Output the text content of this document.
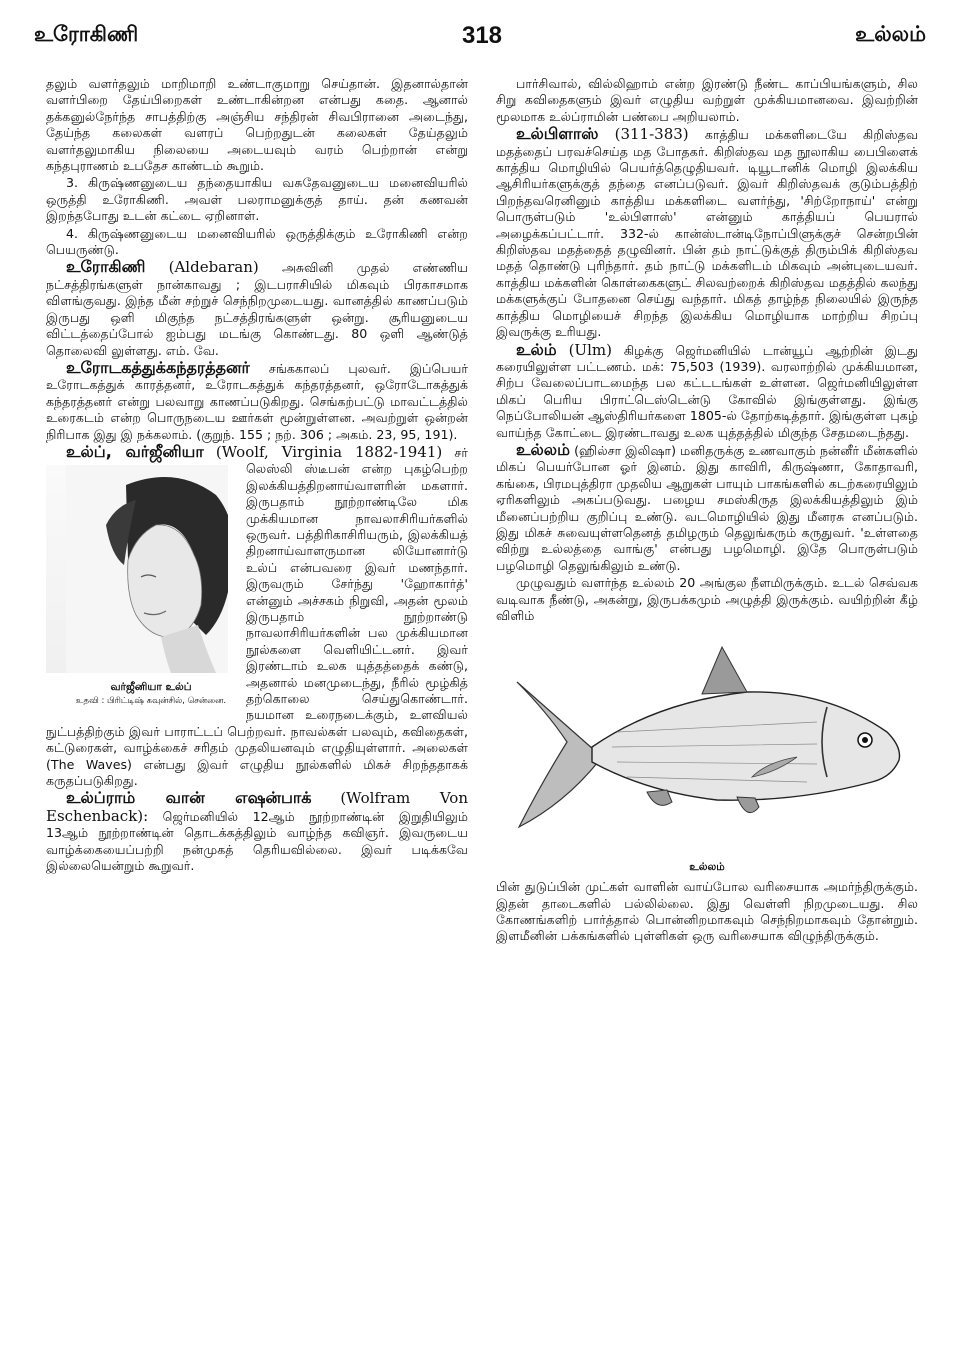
உரோகிணி	318	உல்லம்

தலும் வளர்தலும் மாறிமாறி உண்டாகுமாறு செய்தான். இதனால்தான் வளர்பிறை தேய்பிறைகள் உண்டாகின்றன என்பது கதை. ஆனால் தக்கனுல்நேர்ந்த சாபத்திற்கு அஞ்சிய சந்திரன் சிவபிரானை அடைந்து, தேய்ந்த கலைகள் வளரப் பெற்றதுடன் கலைகள் தேய்தலும் வளர்தலுமாகிய நிலையை அடையவும் வரம் பெற்றான் என்று கந்தபுராணம் உபதேச காண்டம் கூறும்.

3. கிருஷ்ணனுடைய தந்தையாகிய வசுதேவனுடைய மனைவியரில் ஒருத்தி உரோகிணி. அவள் பலராமனுக்குத் தாய். தன் கணவன் இறந்தபோது உடன் கட்டை ஏறினாள்.

4. கிருஷ்ணனுடைய மனைவியரில் ஒருத்திக்கும் உரோகிணி என்ற பெயருண்டு.

உரோகிணி (Aldebaran) அசுவினி முதல் எண்ணிய நட்சத்திரங்களுள் நான்காவது ; இடபராசியில் மிகவும் பிரகாசமாக விளங்குவது. இந்த மீன் சற்றுச் செந்நிறமுடையது. வானத்தில் காணப்படும் இருபது ஒளி மிகுந்த நட்சத்திரங்களுள் ஒன்று. சூரியனுடைய விட்டத்தைப்போல் ஐம்பது மடங்கு கொண்டது. 80 ஒளி ஆண்டுத் தொலைவி லுள்ளது. எம். வே.

உரோடகத்துக்கந்தரத்தனர் சங்ககாலப் புலவர். இப்பெயர் உரோடகத்துக் காரத்தனர், உரோடகத்துக் கந்தரத்தனர், ஒரோடோகத்துக் கந்தரத்தனர் என்று பலவாறு காணப்படுகிறது. செங்கற்பட்டு மாவட்டத்தில் உரைகடம் என்ற பொருநடைய ஊர்கள் மூன்றுள்ளன. அவற்றுள் ஒன்றன் நிரிபாக இது இ நக்கலாம். (குறுந். 155 ; நற். 306 ; அகம். 23, 95, 191).

உல்ப், வர்ஜீனியா (Woolf, Virginia 1882-1941)
வர்ஜீனியா உல்ப்
உதவி : பிரிட்டிஷ் கவுன்சில், சென்னை.
சர் லெஸ்லி ஸ்டீபன் என்ற புகழ்பெற்ற இலக்கியத்திறனாய்வாளரின் மகளார். இருபதாம் நூற்றாண்டிலே மிக முக்கியமான நாவலாசிரியர்களில் ஒருவர். பத்திரிகாசிரியரும், இலக்கியத் திறனாய்வாளருமான லியோனார்டு உல்ப் என்பவரை இவர் மணந்தார். இருவரும் சேர்ந்து 'ஹோகார்த்' என்னும் அச்சகம் நிறுவி, அதன் மூலம் இருபதாம் நூற்றாண்டு நாவலாசிரியர்களின் பல முக்கியமான நூல்களை வெளியிட்டனர். இவர் இரண்டாம் உலக யுத்தத்தைக் கண்டு, அதனால் மனமுடைந்து, நீரில் மூழ்கித் தற்கொலை செய்துகொண்டார். நயமான உரைநடைக்கும், உளவியல் நுட்பத்திற்கும் இவர் பாராட்டப் பெற்றவர். நாவல்கள் பலவும், கவிதைகள், கட்டுரைகள், வாழ்க்கைச் சரிதம் முதலியனவும் எழுதியுள்ளார். அலைகள் (The Waves) என்பது இவர் எழுதிய நூல்களில் மிகச் சிறந்ததாகக் கருதப்படுகிறது.

உல்ப்ராம் வான் எஷன்பாக் (Wolfram Von Eschenback): ஜெர்மனியில் 12ஆம் நூற்றாண்டின் இறுதியிலும் 13ஆம் நூற்றாண்டின் தொடக்கத்திலும் வாழ்ந்த கவிஞர். இவருடைய வாழ்க்கையைப்பற்றி நன்முகத் தெரியவில்லை. இவர் படிக்கவே இல்லையென்றும் கூறுவர்.

பார்சிவால், வில்லிஹாம் என்ற இரண்டு நீண்ட காப்பியங்களும், சில சிறு கவிதைகளும் இவர் எழுதிய வற்றுள் முக்கியமானவை. இவற்றின் மூலமாக உல்ப்ராமின் பண்பை அறியலாம்.

உல்பிளாஸ் (311-383) காத்திய மக்களிடையே கிறிஸ்தவ மதத்தைப் பரவச்செய்த மத போதகர். கிறிஸ்தவ மத நூலாகிய பைபிளைக் காத்திய மொழியில் பெயர்த்தெழுதியவர். டியூடானிக் மொழி இலக்கிய ஆசிரியர்களுக்குத் தந்தை எனப்படுவர். இவர் கிறிஸ்தவக் குடும்பத்திற் பிறந்தவரெனினும் காத்திய மக்களிடை வளர்ந்து, 'சிற்றோநாய்' என்று பொருள்படும் 'உல்பிளாஸ்' என்னும் காத்தியப் பெயரால் அழைக்கப்பட்டார். 332-ல் கான்ஸ்டான்டிநோப்பிளுக்குச் சென்றபின் கிறிஸ்தவ மதத்தைத் தழுவினர். பின் தம் நாட்டுக்குத் திரும்பிக் கிறிஸ்தவ மதத் தொண்டு புரிந்தார். தம் நாட்டு மக்களிடம் மிகவும் அன்புடையவர். காத்திய மக்களின் கொள்கைகளுட் சிலவற்றைக் கிறிஸ்தவ மதத்தில் கலந்து மக்களுக்குப் போதனை செய்து வந்தார். மிகத் தாழ்ந்த நிலையில் இருந்த காத்திய மொழியைச் சிறந்த இலக்கிய மொழியாக மாற்றிய சிறப்பு இவருக்கு உரியது.

உல்ம் (Ulm) கிழக்கு ஜெர்மனியில் டான்யூப் ஆற்றின் இடது கரையிலுள்ள பட்டணம். மக்: 75,503 (1939). வரலாற்றில் முக்கியமான, சிற்ப வேலைப்பாடமைந்த பல கட்டடங்கள் உள்ளன. ஜெர்மனியிலுள்ள மிகப் பெரிய பிராட்டெஸ்டென்டு கோவில் இங்குள்ளது. இங்கு நெப்போலியன் ஆஸ்திரியர்களை 1805-ல் தோற்கடித்தார். இங்குள்ள புகழ் வாய்ந்த கோட்டை இரண்டாவது உலக யுத்தத்தில் மிகுந்த சேதமடைந்தது.

உல்லம் (ஹில்சா இலிஷா) மனிதருக்கு உணவாகும் நன்னீர் மீன்களில் மிகப் பெயர்போன ஓர் இனம். இது காவிரி, கிருஷ்ணா, கோதாவரி, கங்கை, பிரமபுத்திரா முதலிய ஆறுகள் பாயும் பாகங்களில் கடற்கரையிலும் ஏரிகளிலும் அகப்படுவது. பழைய சமஸ்கிருத இலக்கியத்திலும் இம் மீனைப்பற்றிய குறிப்பு உண்டு. வடமொழியில் இது மீனரசு எனப்படும். இது மிகச் சுவையுள்ளதெனத் தமிழரும் தெலுங்கரும் கருதுவர். 'உள்ளதை விற்று உல்லத்தை வாங்கு' என்பது பழமொழி. இதே பொருள்படும் பழமொழி தெலுங்கிலும் உண்டு.

முழுவதும் வளர்ந்த உல்லம் 20 அங்குல நீளமிருக்கும். உடல் செவ்வக வடிவாக நீண்டு, அகன்று, இருபக்கமும் அழுத்தி இருக்கும். வயிற்றின் கீழ் விளிம்

உல்லம்

பின் துடுப்பின் முட்கள் வாளின் வாய்போல வரிசையாக அமர்ந்திருக்கும். இதன் தாடைகளில் பல்லில்லை. இது வெள்ளி நிறமுடையது. சில கோணங்களிற் பார்த்தால் பொன்னிறமாகவும் செந்நிறமாகவும் தோன்றும். இளமீனின் பக்கங்களில் புள்ளிகள் ஒரு வரிசையாக விழுந்திருக்கும்.
